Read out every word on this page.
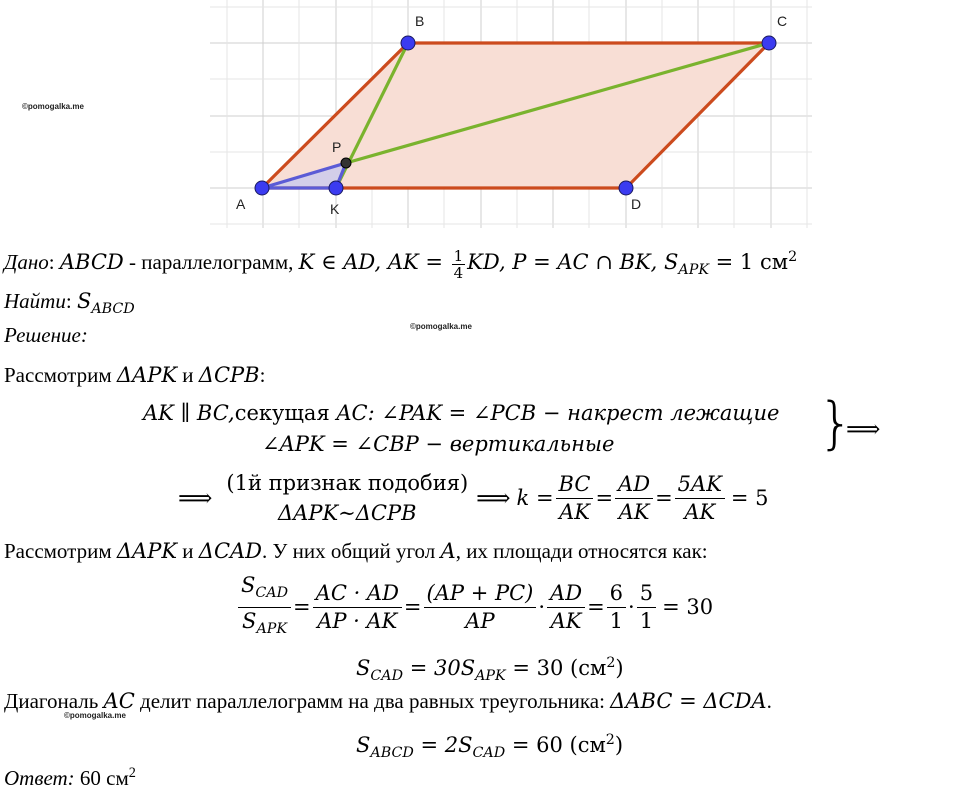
A	K	D
B	C
P
©pomogalka.me
©pomogalka.me
©pomogalka.me
Дано: ABCD - параллелограмм, K ∈ AD, AK = $\frac{1}{4}$ KD, P = AC ∩ BK, $S_{APK} = 1$ $см^2$
Найти: $S_{ABCD}$
Решение:
Рассмотрим ΔAPK и ΔCPB:
AK ∥ BC,секущая AC: ∠PAK = ∠PCB − накрест лежащие
∠APK = ∠CBP − вертикальные	}
⟹
⟹
(1й признак подобия)
ΔAPK∼ΔCPB
⟹ $k = \frac{BC}{AK} = \frac{AD}{AK} = \frac{5AK}{AK} = 5$
Рассмотрим ΔAPK и ΔCAD. У них общий угол A, их площади относятся как:
$\frac{S_{CAD}}{S_{APK}} = \frac{AC \cdot AD}{AP \cdot AK} = \frac{(AP + PC)}{AP} \cdot \frac{AD}{AK} = \frac{6}{1} \cdot \frac{5}{1} = 30$
$S_{CAD} = 30S_{APK} = 30$ $(см^2)$
Диагональ AC делит параллелограмм на два равных треугольника: ΔABC = ΔCDA.
$S_{ABCD} = 2S_{CAD} = 60$ $(см^2)$
Ответ: 60 $см^2$
